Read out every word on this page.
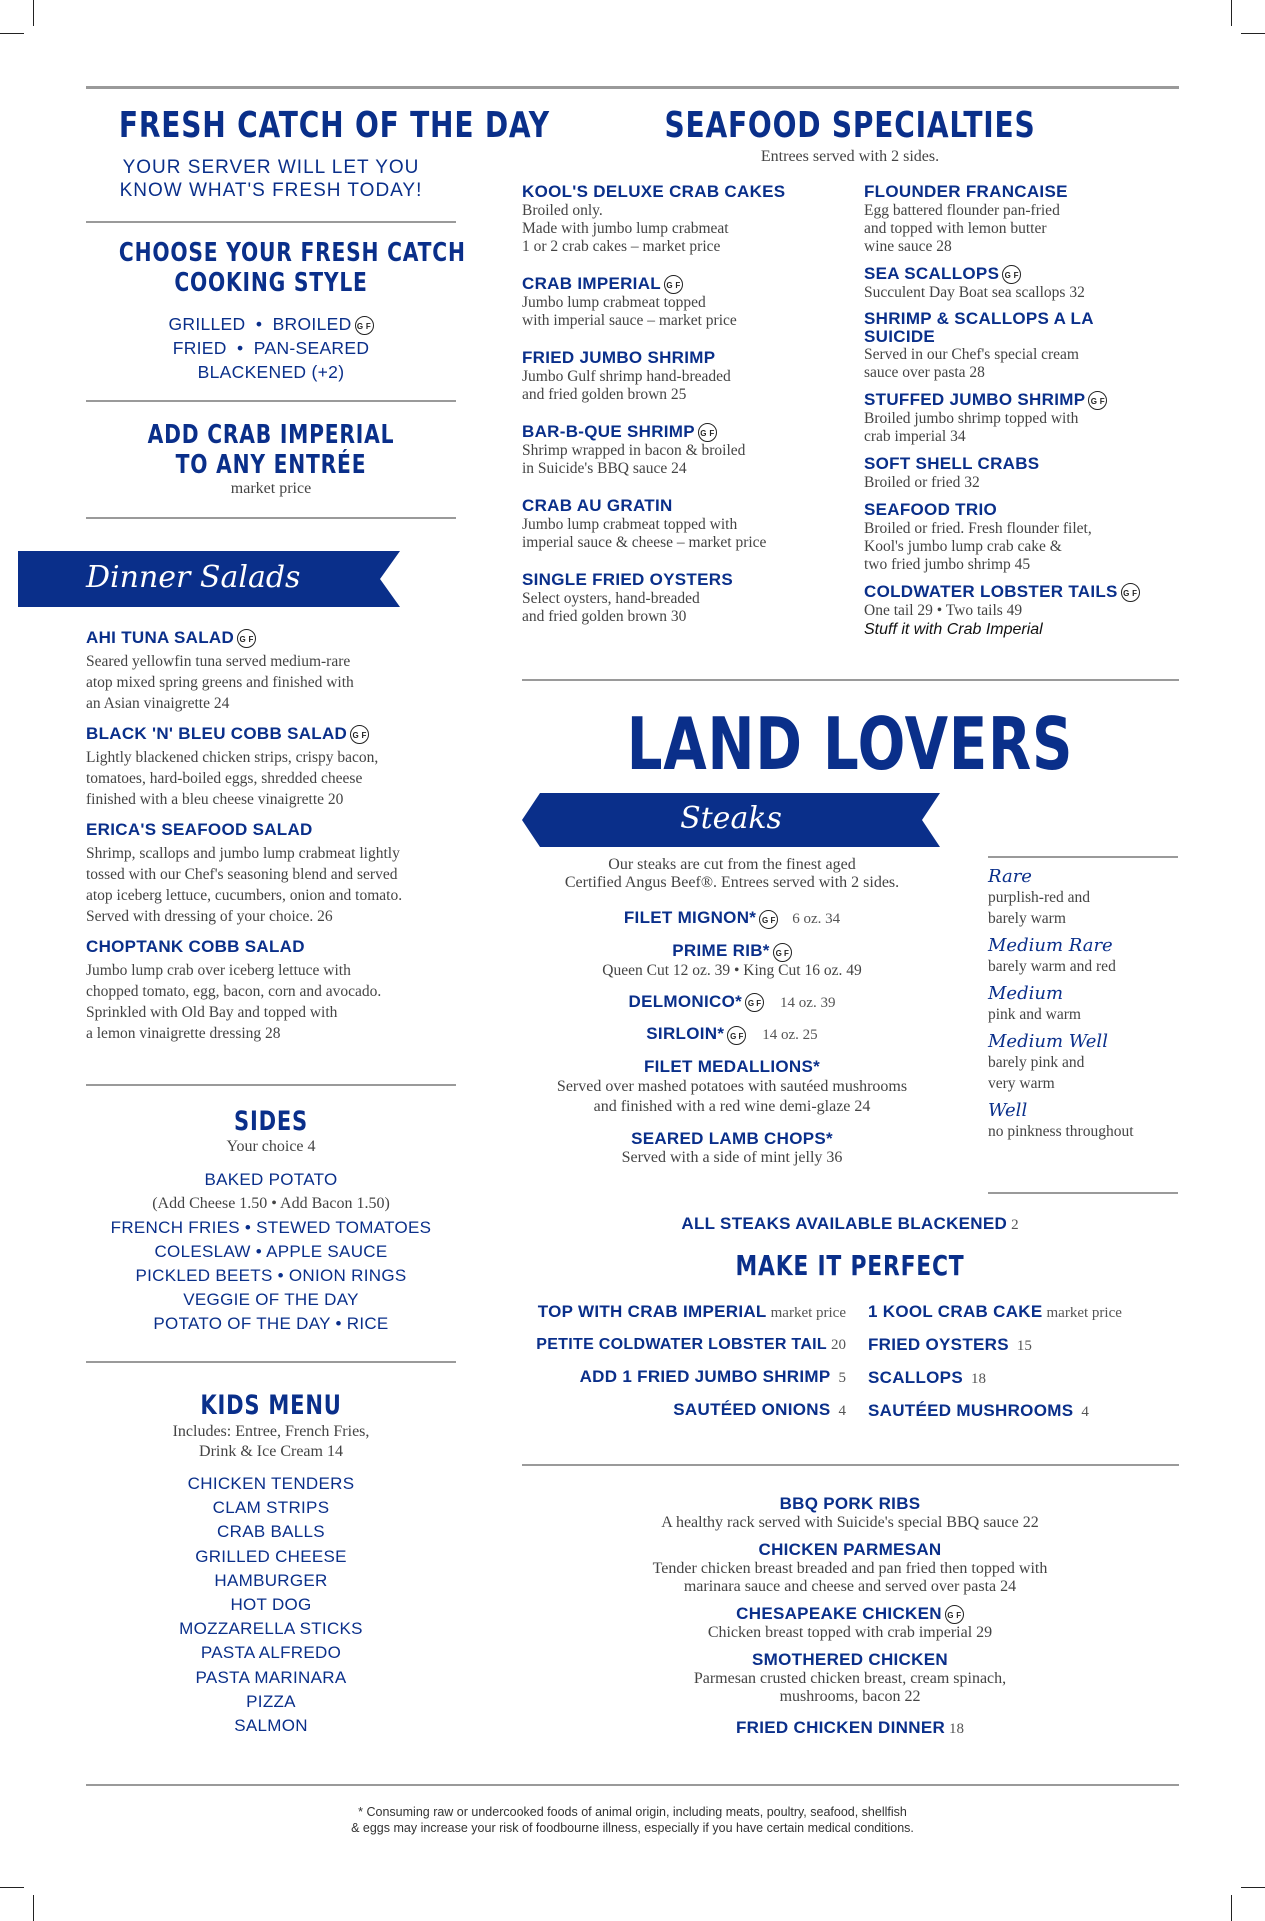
FRESH CATCH OF THE DAY
YOUR SERVER WILL LET YOU
KNOW WHAT'S FRESH TODAY!
CHOOSE YOUR FRESH CATCH
COOKING STYLE
GRILLED • BROILED G F
FRIED • PAN-SEARED
BLACKENED (+2)
ADD CRAB IMPERIAL
TO ANY ENTRÉE
market price
Dinner Salads
AHI TUNA SALAD G F
Seared yellowfin tuna served medium-rare
atop mixed spring greens and finished with
an Asian vinaigrette 24
BLACK 'N' BLEU COBB SALAD G F
Lightly blackened chicken strips, crispy bacon,
tomatoes, hard-boiled eggs, shredded cheese
finished with a bleu cheese vinaigrette 20
ERICA'S SEAFOOD SALAD
Shrimp, scallops and jumbo lump crabmeat lightly
tossed with our Chef's seasoning blend and served
atop iceberg lettuce, cucumbers, onion and tomato.
Served with dressing of your choice. 26
CHOPTANK COBB SALAD
Jumbo lump crab over iceberg lettuce with
chopped tomato, egg, bacon, corn and avocado.
Sprinkled with Old Bay and topped with
a lemon vinaigrette dressing 28
SIDES
Your choice 4
BAKED POTATO
(Add Cheese 1.50 • Add Bacon 1.50)
FRENCH FRIES • STEWED TOMATOES
COLESLAW • APPLE SAUCE
PICKLED BEETS • ONION RINGS
VEGGIE OF THE DAY
POTATO OF THE DAY • RICE
KIDS MENU
Includes: Entree, French Fries,
Drink & Ice Cream 14
CHICKEN TENDERS
CLAM STRIPS
CRAB BALLS
GRILLED CHEESE
HAMBURGER
HOT DOG
MOZZARELLA STICKS
PASTA ALFREDO
PASTA MARINARA
PIZZA
SALMON
SEAFOOD SPECIALTIES
Entrees served with 2 sides.
KOOL'S DELUXE CRAB CAKES
Broiled only.
Made with jumbo lump crabmeat
1 or 2 crab cakes – market price
CRAB IMPERIAL G F
Jumbo lump crabmeat topped
with imperial sauce – market price
FRIED JUMBO SHRIMP
Jumbo Gulf shrimp hand-breaded
and fried golden brown 25
BAR-B-QUE SHRIMP G F
Shrimp wrapped in bacon & broiled
in Suicide's BBQ sauce 24
CRAB AU GRATIN
Jumbo lump crabmeat topped with
imperial sauce & cheese – market price
SINGLE FRIED OYSTERS
Select oysters, hand-breaded
and fried golden brown 30
FLOUNDER FRANCAISE
Egg battered flounder pan-fried
and topped with lemon butter
wine sauce 28
SEA SCALLOPS G F
Succulent Day Boat sea scallops 32
SHRIMP & SCALLOPS A LA SUICIDE
Served in our Chef's special cream
sauce over pasta 28
STUFFED JUMBO SHRIMP G F
Broiled jumbo shrimp topped with
crab imperial 34
SOFT SHELL CRABS
Broiled or fried 32
SEAFOOD TRIO
Broiled or fried. Fresh flounder filet,
Kool's jumbo lump crab cake &
two fried jumbo shrimp 45
COLDWATER LOBSTER TAILS G F
One tail 29 • Two tails 49
Stuff it with Crab Imperial
LAND LOVERS
Steaks
Our steaks are cut from the finest aged
Certified Angus Beef®. Entrees served with 2 sides.
FILET MIGNON* G F 6 oz. 34
PRIME RIB* G F
Queen Cut 12 oz. 39 • King Cut 16 oz. 49
DELMONICO* G F 14 oz. 39
SIRLOIN* G F 14 oz. 25
FILET MEDALLIONS*
Served over mashed potatoes with sautéed mushrooms
and finished with a red wine demi-glaze 24
SEARED LAMB CHOPS*
Served with a side of mint jelly 36
Rare
purplish-red and
barely warm
Medium Rare
barely warm and red
Medium
pink and warm
Medium Well
barely pink and
very warm
Well
no pinkness throughout
ALL STEAKS AVAILABLE BLACKENED 2
MAKE IT PERFECT
TOP WITH CRAB IMPERIAL market price
PETITE COLDWATER LOBSTER TAIL 20
ADD 1 FRIED JUMBO SHRIMP 5
SAUTÉED ONIONS 4
1 KOOL CRAB CAKE market price
FRIED OYSTERS 15
SCALLOPS 18
SAUTÉED MUSHROOMS 4
BBQ PORK RIBS
A healthy rack served with Suicide's special BBQ sauce 22
CHICKEN PARMESAN
Tender chicken breast breaded and pan fried then topped with
marinara sauce and cheese and served over pasta 24
CHESAPEAKE CHICKEN G F
Chicken breast topped with crab imperial 29
SMOTHERED CHICKEN
Parmesan crusted chicken breast, cream spinach,
mushrooms, bacon 22
FRIED CHICKEN DINNER 18
* Consuming raw or undercooked foods of animal origin, including meats, poultry, seafood, shellfish
& eggs may increase your risk of foodbourne illness, especially if you have certain medical conditions.
